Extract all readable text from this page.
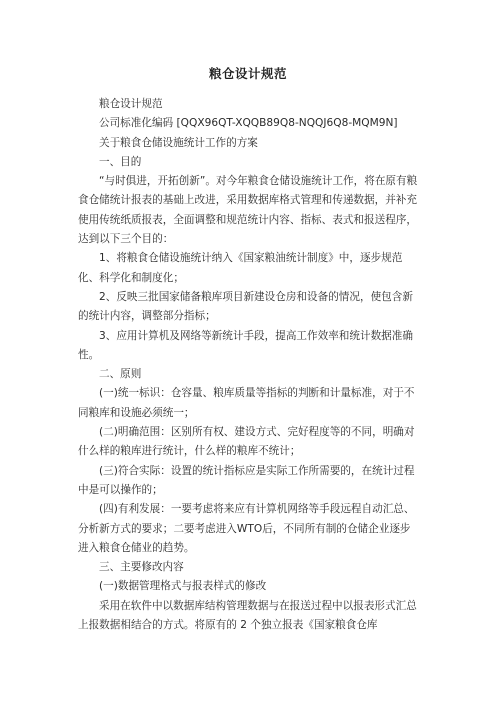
粮仓设计规范

粮仓设计规范

公司标准化编码 [QQX96QT-XQQB89Q8-NQQJ6Q8-MQM9N]

关于粮食仓储设施统计工作的方案

一、目的

“与时俱进，开拓创新”。对今年粮食仓储设施统计工作，将在原有粮食仓储统计报表的基础上改进，采用数据库格式管理和传递数据，并补充使用传统纸质报表，全面调整和规范统计内容、指标、表式和报送程序，达到以下三个目的：

1、将粮食仓储设施统计纳入《国家粮油统计制度》中，逐步规范化、科学化和制度化；

2、反映三批国家储备粮库项目新建设仓房和设备的情况，使包含新的统计内容，调整部分指标；

3、应用计算机及网络等新统计手段，提高工作效率和统计数据准确性。

二、原则

(一)统一标识：仓容量、粮库质量等指标的判断和计量标准，对于不同粮库和设施必须统一；

(二)明确范围：区别所有权、建设方式、完好程度等的不同，明确对什么样的粮库进行统计，什么样的粮库不统计；

(三)符合实际：设置的统计指标应是实际工作所需要的，在统计过程中是可以操作的；

(四)有利发展：一要考虑将来应有计算机网络等手段远程自动汇总、分析新方式的要求；二要考虑进入WTO后，不同所有制的仓储企业逐步进入粮食仓储业的趋势。

三、主要修改内容

(一)数据管理格式与报表样式的修改

采用在软件中以数据库结构管理数据与在报送过程中以报表形式汇总上报数据相结合的方式。将原有的 2 个独立报表《国家粮食仓库
